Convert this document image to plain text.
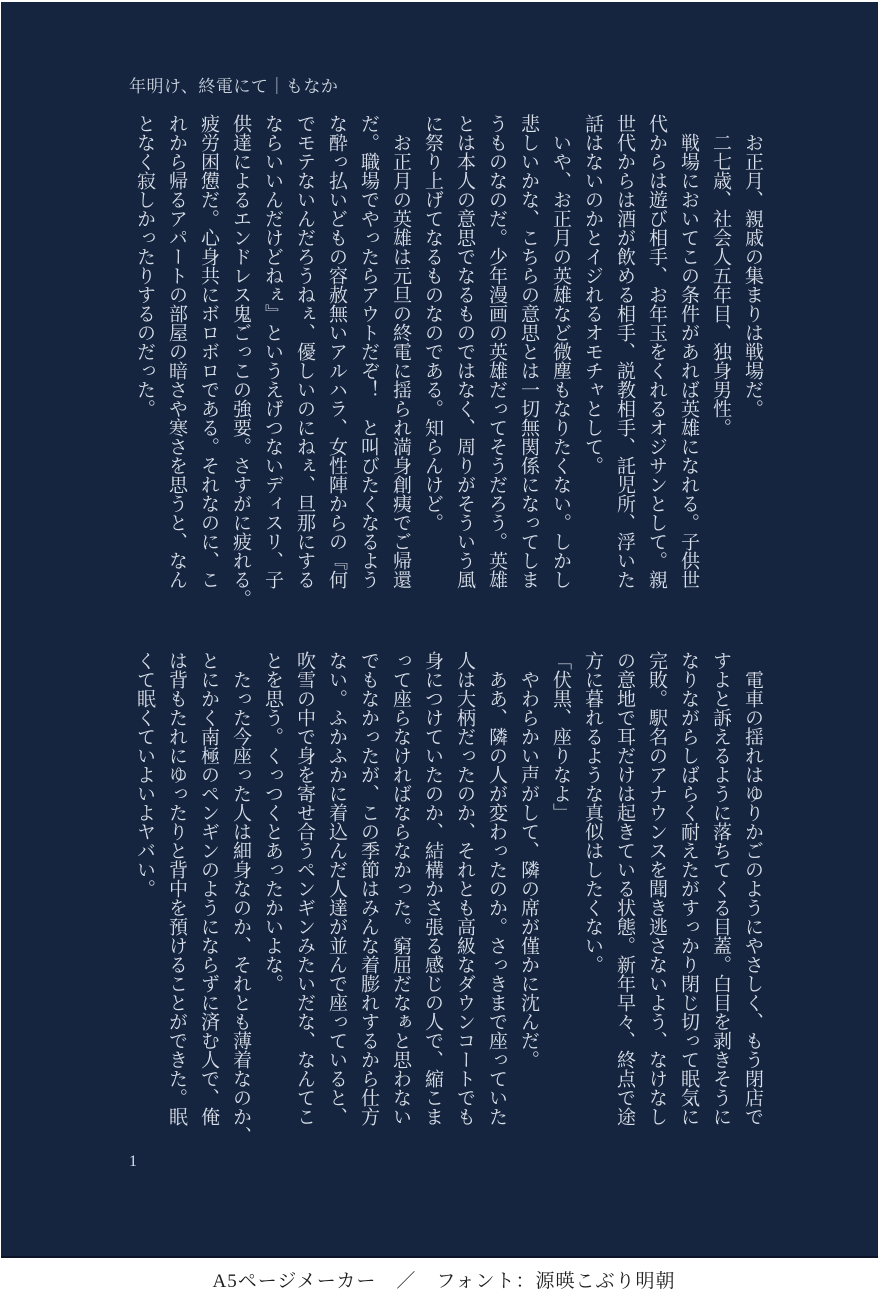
年明け、終電にて｜もなか
　お正月、親戚の集まりは戦場だ。
　二七歳、社会人五年目、独身男性。
　戦場においてこの条件があれば英雄になれる。子供世
代からは遊び相手、お年玉をくれるオジサンとして。親
世代からは酒が飲める相手、説教相手、託児所、浮いた
話はないのかとイジれるオモチャとして。
　いや、お正月の英雄など微塵もなりたくない。しかし
悲しいかな、こちらの意思とは一切無関係になってしま
うものなのだ。少年漫画の英雄だってそうだろう。英雄
とは本人の意思でなるものではなく、周りがそういう風
に祭り上げてなるものなのである。知らんけど。
　お正月の英雄は元旦の終電に揺られ満身創痍でご帰還
だ。職場でやったらアウトだぞ！　と叫びたくなるよう
な酔っ払いどもの容赦無いアルハラ、女性陣からの『何
でモテないんだろうねぇ、優しいのにねぇ、旦那にする
ならいいんだけどねぇ』というえげつないディスリ、子
供達によるエンドレス鬼ごっこの強要。さすがに疲れる。
疲労困憊だ。心身共にボロボロである。それなのに、こ
れから帰るアパートの部屋の暗さや寒さを思うと、なん
となく寂しかったりするのだった。
　電車の揺れはゆりかごのようにやさしく、もう閉店で
すよと訴えるように落ちてくる目蓋。白目を剥きそうに
なりながらしばらく耐えたがすっかり閉じ切って眠気に
完敗。駅名のアナウンスを聞き逃さないよう、なけなし
の意地で耳だけは起きている状態。新年早々、終点で途
方に暮れるような真似はしたくない。
「伏黒、座りなよ」
　やわらかい声がして、隣の席が僅かに沈んだ。
　ああ、隣の人が変わったのか。さっきまで座っていた
人は大柄だったのか、それとも高級なダウンコートでも
身につけていたのか、結構かさ張る感じの人で、縮こま
って座らなければならなかった。窮屈だなぁと思わない
でもなかったが、この季節はみんな着膨れするから仕方
ない。ふかふかに着込んだ人達が並んで座っていると、
吹雪の中で身を寄せ合うペンギンみたいだな、なんてこ
とを思う。くっつくとあったかいよな。
　たった今座った人は細身なのか、それとも薄着なのか、
とにかく南極のペンギンのようにならずに済む人で、俺
は背もたれにゆったりと背中を預けることができた。眠
くて眠くていよいよヤバい。
1
A5ページメーカー　／　フォント：源暎こぶり明朝
